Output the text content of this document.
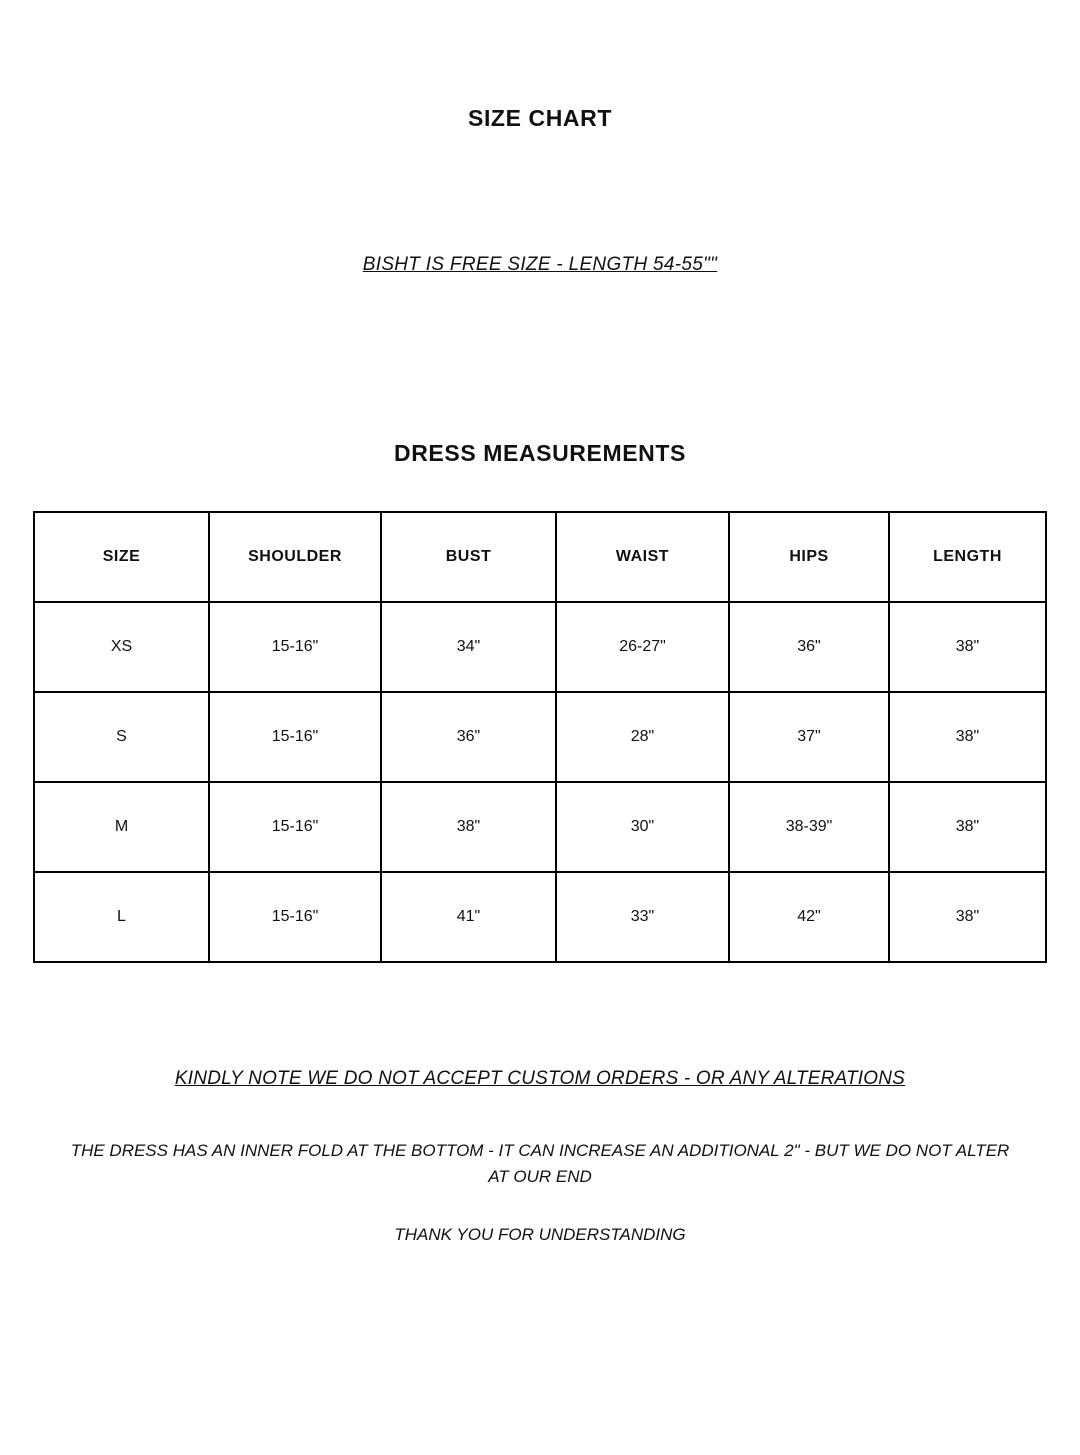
SIZE CHART
BISHT IS FREE SIZE - LENGTH 54-55""
DRESS MEASUREMENTS
SIZE	SHOULDER	BUST	WAIST	HIPS	LENGTH
XS	15-16"	34"	26-27"	36"	38"
S	15-16"	36"	28"	37"	38"
M	15-16"	38"	30"	38-39"	38"
L	15-16"	41"	33"	42"	38"
KINDLY NOTE WE DO NOT ACCEPT CUSTOM ORDERS - OR ANY ALTERATIONS
THE DRESS HAS AN INNER FOLD AT THE BOTTOM - IT CAN INCREASE AN ADDITIONAL 2" - BUT WE DO NOT ALTER AT OUR END
THANK YOU FOR UNDERSTANDING
